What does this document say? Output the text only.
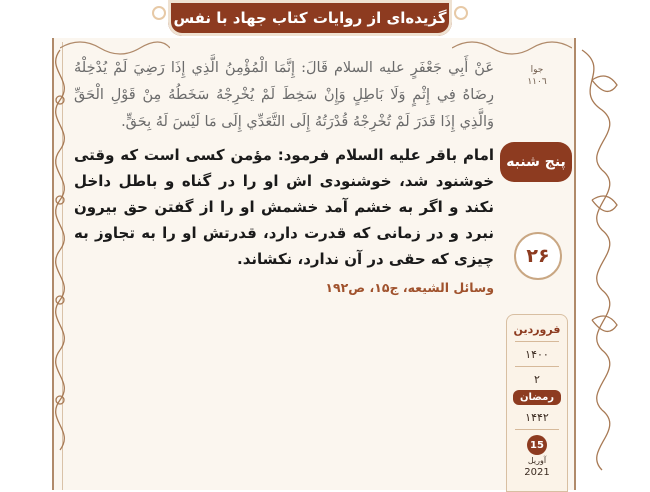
گزیده‌ای از روایات کتاب جهاد با نفس
عَنْ أَبِي جَعْفَرٍ عليه السلام قَالَ: إِنَّمَا الْمُؤْمِنُ الَّذِي إِذَا رَضِيَ لَمْ يُدْخِلْهُ رِضَاهُ فِي إِثْمٍ وَلَا بَاطِلٍ وَإِنْ سَخِطَ لَمْ يُخْرِجْهُ سَخَطُهُ مِنْ قَوْلِ الْحَقِّ وَالَّذِي إِذَا قَدَرَ لَمْ تُخْرِجْهُ قُدْرَتُهُ إِلَى التَّعَدِّي إِلَى مَا لَيْسَ لَهُ بِحَقٍّ.
امام باقر عليه السلام فرمود: مؤمن کسی است که وقتی خوشنود شد، خوشنودی اش او را در گناه و باطل داخل نکند و اگر به خشم آمد خشمش او را از گفتن حق بیرون نبرد و در زمانی که قدرت دارد، قدرتش او را به تجاوز به چیزی که حقی در آن ندارد، نکشاند.
وسائل الشیعه، ج۱۵، ص۱۹۲
جوا
١١٠٦
پنج شنبه
۲۶
فروردین
۱۴۰۰
۲
رمضان
۱۴۴۲
15
آوریل
2021
